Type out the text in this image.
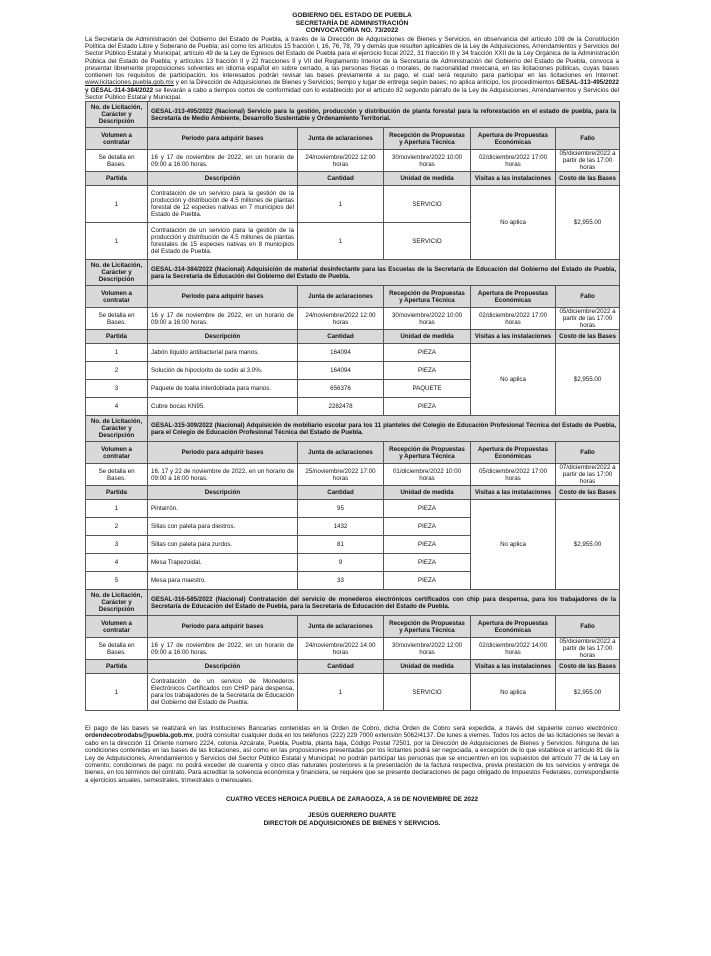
GOBIERNO DEL ESTADO DE PUEBLA
SECRETARÍA DE ADMINISTRACIÓN
CONVOCATORIA NO. 73/2022

La Secretaría de Administración del Gobierno del Estado de Puebla, a través de la Dirección de Adquisiciones de Bienes y Servicios, en observancia del artículo 108 de la Constitución Política del Estado Libre y Soberano de Puebla; así como los artículos 15 fracción I, 16, 76, 78, 79 y demás que resulten aplicables de la Ley de Adquisiciones, Arrendamientos y Servicios del Sector Público Estatal y Municipal; artículo 49 de la Ley de Egresos del Estado de Puebla para el ejercicio fiscal 2022, 31 fracción III y 34 fracción XXII de la Ley Orgánica de la Administración Pública del Estado de Puebla; y artículos 13 fracción II y 22 fracciones II y VII del Reglamento Interior de la Secretaría de Administración del Gobierno del Estado de Puebla, convoca a presentar libremente proposiciones solventes en idioma español en sobre cerrado, a las personas físicas o morales, de nacionalidad mexicana, en las licitaciones públicas, cuyas bases contienen los requisitos de participación, los interesados podrán revisar las bases previamente a su pago, el cual será requisito para participar en las licitaciones en Internet: www.licitaciones.puebla.gob.mx y en la Dirección de Adquisiciones de Bienes y Servicios; tiempo y lugar de entrega según bases; no aplica anticipo, los procedimientos GESAL-313-495/2022 y GESAL-314-384/2022 se llevarán a cabo a tiempos cortos de conformidad con lo establecido por el artículo 82 segundo párrafo de la Ley de Adquisiciones, Arrendamientos y Servicios del Sector Público Estatal y Municipal.

No. de Licitación, Carácter y Descripción	GESAL-313-495/2022 (Nacional) Servicio para la gestión, producción y distribución de planta forestal para la reforestación en el estado de puebla, para la Secretaría de Medio Ambiente, Desarrollo Sustentable y Ordenamiento Territorial.				
Volumen a contratar	Periodo para adquirir bases	Junta de aclaraciones	Recepción de Propuestas y Apertura Técnica	Apertura de Propuestas Económicas	Fallo
Se detalla en Bases.	16 y 17 de noviembre de 2022, en un horario de 09:00 a 16:00 horas.	24/noviembre/2022 12:00 horas	30/noviembre/2022 10:00 horas	02/diciembre/2022 17:00 horas	05/diciembre/2022 a partir de las 17:00 horas
Partida	Descripción	Cantidad	Unidad de medida	Visitas a las instalaciones	Costo de las Bases
1	Contratación de un servicio para la gestión de la producción y distribución de 4.5 millones de plantas forestal de 12 especies nativas en 7 municipios del Estado de Puebla.	1	SERVICIO	No aplica	$2,955.00
1	Contratación de un servicio para la gestión de la producción y distribución de 4.5 millones de plantas forestales de 15 especies nativas en 8 municipios del Estado de Puebla.	1	SERVICIO		
No. de Licitación, Carácter y Descripción	GESAL-314-384/2022 (Nacional) Adquisición de material desinfectante para las Escuelas de la Secretaría de Educación del Gobierno del Estado de Puebla, para la Secretaría de Educación del Gobierno del Estado de Puebla.				
Volumen a contratar	Periodo para adquirir bases	Junta de aclaraciones	Recepción de Propuestas y Apertura Técnica	Apertura de Propuestas Económicas	Fallo
Se detalla en Bases.	16 y 17 de noviembre de 2022, en un horario de 09:00 a 16:00 horas.	24/noviembre/2022 12:00 horas	30/noviembre/2022 10:00 horas	02/diciembre/2022 17:00 horas	05/diciembre/2022 a partir de las 17:00 horas
Partida	Descripción	Cantidad	Unidad de medida	Visitas a las instalaciones	Costo de las Bases
1	Jabón líquido antibacterial para manos.	164094	PIEZA	No aplica	$2,955.00
2	Solución de hipoclorito de sodio al 3.0%.	164094	PIEZA		
3	Paquete de toalla interdoblada para manos.	656376	PAQUETE		
4	Cubre bocas KN95.	2282478	PIEZA		
No. de Licitación, Carácter y Descripción	GESAL-315-309/2022 (Nacional) Adquisición de mobiliario escolar para los 11 planteles del Colegio de Educación Profesional Técnica del Estado de Puebla, para el Colegio de Educación Profesional Técnica del Estado de Puebla.				
Volumen a contratar	Periodo para adquirir bases	Junta de aclaraciones	Recepción de Propuestas y Apertura Técnica	Apertura de Propuestas Económicas	Fallo
Se detalla en Bases.	16, 17 y 22 de noviembre de 2022, en un horario de 09:00 a 16:00 horas.	25/noviembre/2022 17:00 horas	01/diciembre/2022 10:00 horas	05/diciembre/2022 17:00 horas	07/diciembre/2022 a partir de las 17:00 horas
Partida	Descripción	Cantidad	Unidad de medida	Visitas a las instalaciones	Costo de las Bases
1	Pintarrón.	95	PIEZA	No aplica	$2,955.00
2	Sillas con paleta para diestros.	1432	PIEZA		
3	Sillas con paleta para zurdos.	81	PIEZA		
4	Mesa Trapezoidal.	9	PIEZA		
5	Mesa para maestro.	33	PIEZA		
No. de Licitación, Carácter y Descripción	GESAL-316-585/2022 (Nacional) Contratación del servicio de monederos electrónicos certificados con chip para despensa, para los trabajadores de la Secretaría de Educación del Estado de Puebla, para la Secretaría de Educación del Estado de Puebla.				
Volumen a contratar	Periodo para adquirir bases	Junta de aclaraciones	Recepción de Propuestas y Apertura Técnica	Apertura de Propuestas Económicas	Fallo
Se detalla en Bases.	16 y 17 de noviembre de 2022, en un horario de 09:00 a 16:00 horas.	24/noviembre/2022 14:00 horas	30/noviembre/2022 12:00 horas	02/diciembre/2022 14:00 horas	05/diciembre/2022 a partir de las 17:00 horas
Partida	Descripción	Cantidad	Unidad de medida	Visitas a las instalaciones	Costo de las Bases
1	Contratación de un servicio de Monederos Electrónicos Certificados con CHIP para despensa, para los trabajadores de la Secretaría de Educación del Gobierno del Estado de Puebla.	1	SERVICIO	No aplica	$2,955.00

El pago de las bases se realizará en las Instituciones Bancarias contenidas en la Orden de Cobro, dicha Orden de Cobro será expedida, a través del siguiente correo electrónico: ordendecobrodabs@puebla.gob.mx, podrá consultar cualquier duda en los teléfonos (222) 229 7000 extensión 5062/4137. De lunes a viernes. Todos los actos de las licitaciones se llevan a cabo en la dirección 11 Oriente número 2224, colonia Azcárate, Puebla, Puebla, planta baja, Código Postal 72501, por la Dirección de Adquisiciones de Bienes y Servicios. Ninguna de las condiciones contenidas en las bases de las licitaciones, así como en las proposiciones presentadas por los licitantes podrá ser negociada, a excepción de lo que establece el artículo 81 de la Ley de Adquisiciones, Arrendamientos y Servicios del Sector Público Estatal y Municipal; no podrán participar las personas que se encuentren en los supuestos del artículo 77 de la Ley en comento; condiciones de pago: no podrá exceder de cuarenta y cinco días naturales posteriores a la presentación de la factura respectiva, previa prestación de los servicios y entrega de bienes, en los términos del contrato. Para acreditar la solvencia económica y financiera, se requiere que se presente declaraciones de pago obligado de Impuestos Federales, correspondiente a ejercicios anuales, semestrales, trimestrales o mensuales.

CUATRO VECES HEROICA PUEBLA DE ZARAGOZA, A 16 DE NOVIEMBRE DE 2022
JESÚS GUERRERO DUARTE
DIRECTOR DE ADQUISICIONES DE BIENES Y SERVICIOS.
